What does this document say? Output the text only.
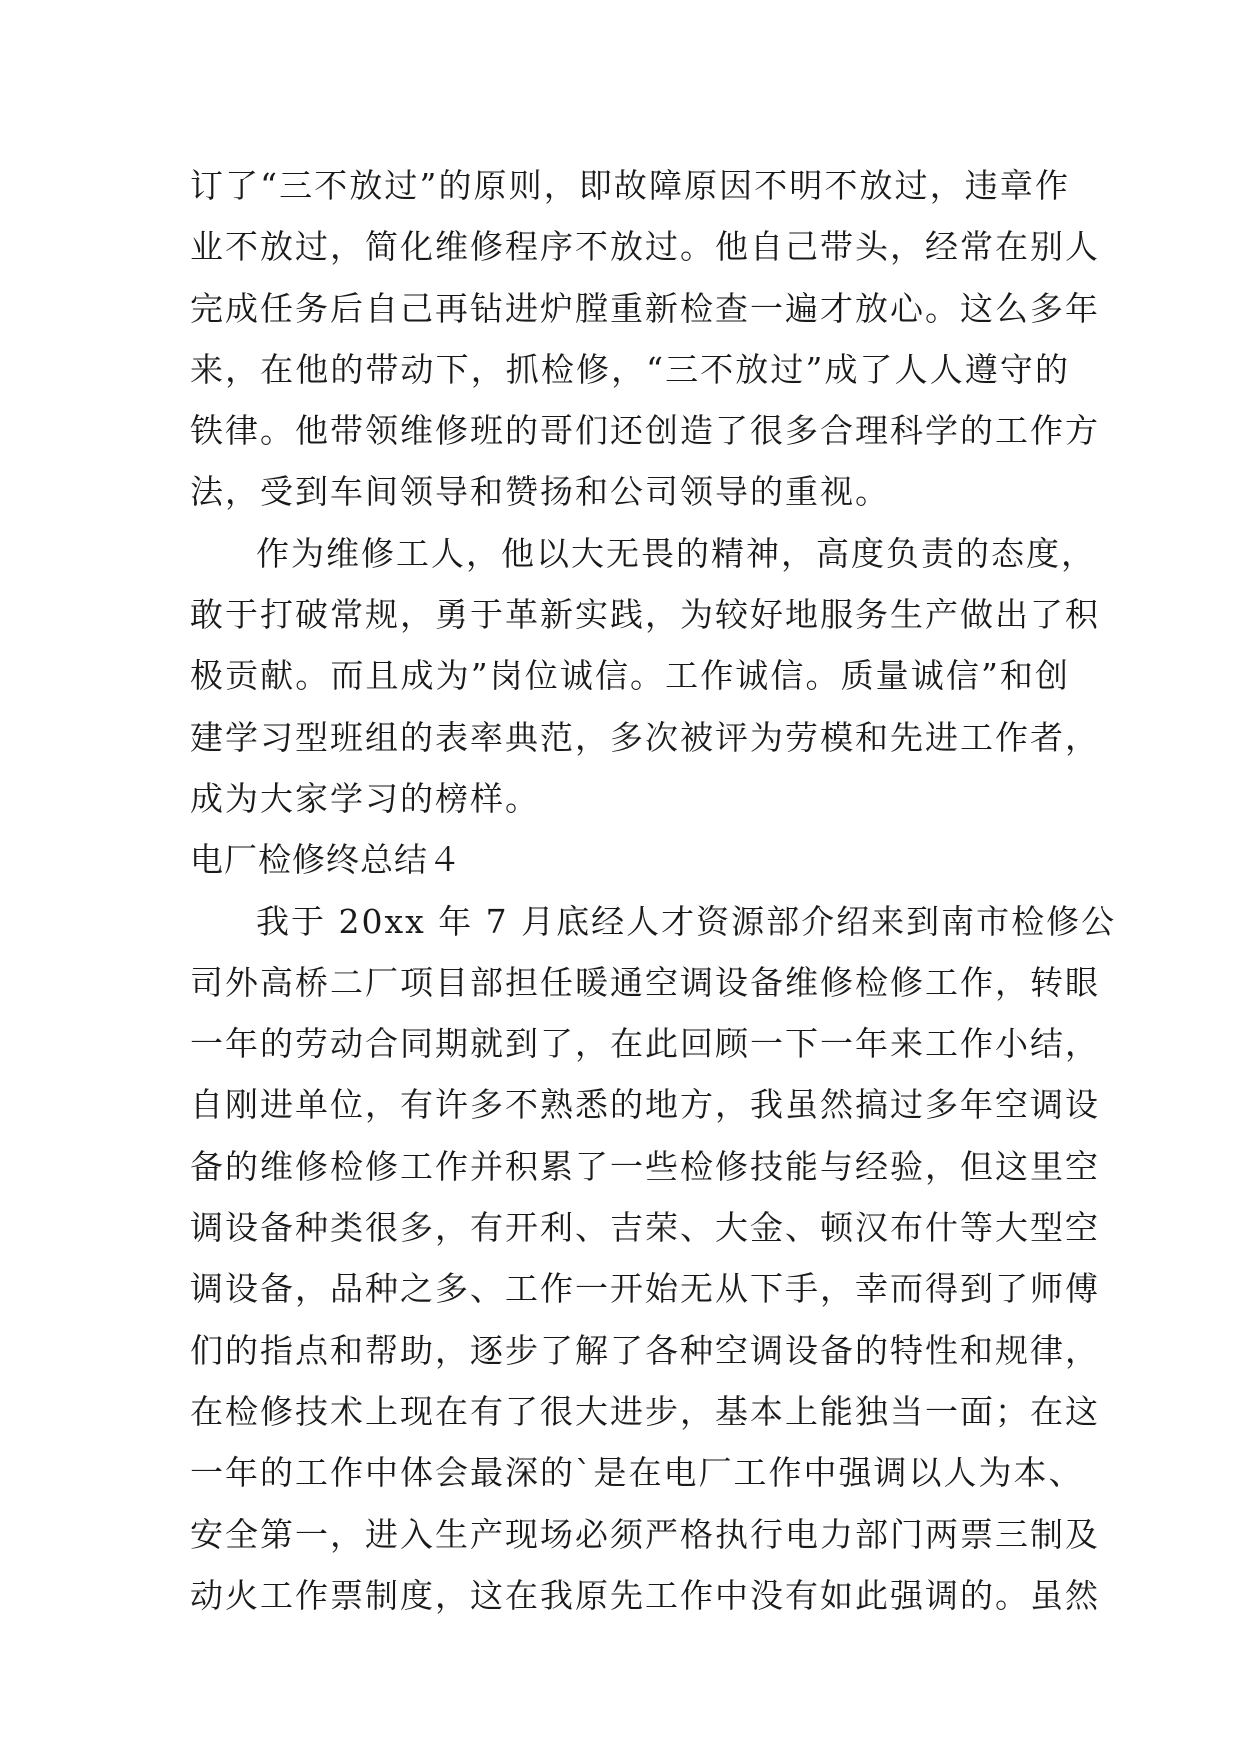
订了“三不放过”的原则，即故障原因不明不放过，违章作
业不放过，简化维修程序不放过。他自己带头，经常在别人
完成任务后自己再钻进炉膛重新检查一遍才放心。这么多年
来，在他的带动下，抓检修，“三不放过”成了人人遵守的
铁律。他带领维修班的哥们还创造了很多合理科学的工作方
法，受到车间领导和赞扬和公司领导的重视。
作为维修工人，他以大无畏的精神，高度负责的态度，
敢于打破常规，勇于革新实践，为较好地服务生产做出了积
极贡献。而且成为”岗位诚信。工作诚信。质量诚信”和创
建学习型班组的表率典范，多次被评为劳模和先进工作者，
成为大家学习的榜样。
电厂检修终总结４
我于 20xx 年 7 月底经人才资源部介绍来到南市检修公
司外高桥二厂项目部担任暖通空调设备维修检修工作，转眼
一年的劳动合同期就到了，在此回顾一下一年来工作小结，
自刚进单位，有许多不熟悉的地方，我虽然搞过多年空调设
备的维修检修工作并积累了一些检修技能与经验，但这里空
调设备种类很多，有开利、吉荣、大金、顿汉布什等大型空
调设备，品种之多、工作一开始无从下手，幸而得到了师傅
们的指点和帮助，逐步了解了各种空调设备的特性和规律，
在检修技术上现在有了很大进步，基本上能独当一面；在这
一年的工作中体会最深的`是在电厂工作中强调以人为本、
安全第一，进入生产现场必须严格执行电力部门两票三制及
动火工作票制度，这在我原先工作中没有如此强调的。虽然
